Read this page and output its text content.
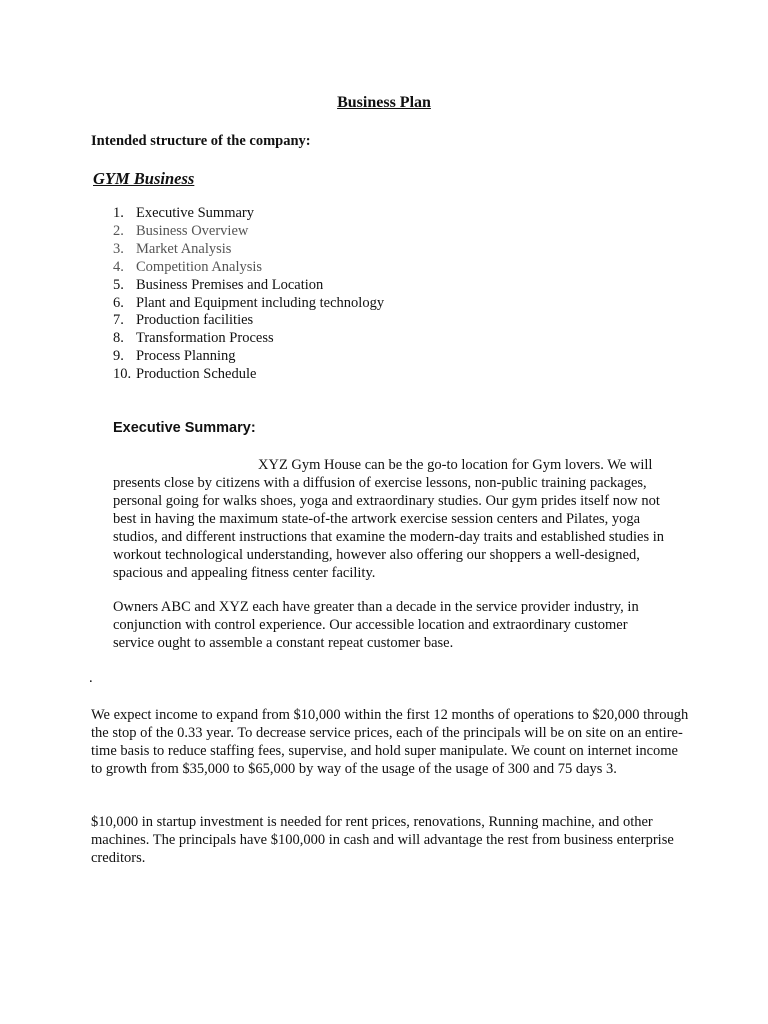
Business Plan

Intended structure of the company:

GYM Business

1. Executive Summary
2. Business Overview
3. Market Analysis
4. Competition Analysis
5. Business Premises and Location
6. Plant and Equipment including technology
7. Production facilities
8. Transformation Process
9. Process Planning
10. Production Schedule
Executive Summary:

XYZ Gym House can be the go-to location for Gym lovers. We will presents close by citizens with a diffusion of exercise lessons, non-public training packages, personal going for walks shoes, yoga and extraordinary studies. Our gym prides itself now not best in having the maximum state-of-the artwork exercise session centers and Pilates, yoga studios, and different instructions that examine the modern-day traits and established studies in workout technological understanding, however also offering our shoppers a well-designed, spacious and appealing fitness center facility.

Owners ABC and XYZ each have greater than a decade in the service provider industry, in conjunction with control experience. Our accessible location and extraordinary customer service ought to assemble a constant repeat customer base.

.

We expect income to expand from $10,000 within the first 12 months of operations to $20,000 through the stop of the 0.33 year. To decrease service prices, each of the principals will be on site on an entire-time basis to reduce staffing fees, supervise, and hold super manipulate. We count on internet income to growth from $35,000 to $65,000 by way of the usage of the usage of 300 and 75 days 3.

$10,000 in startup investment is needed for rent prices, renovations, Running machine, and other machines. The principals have $100,000 in cash and will advantage the rest from business enterprise creditors.
